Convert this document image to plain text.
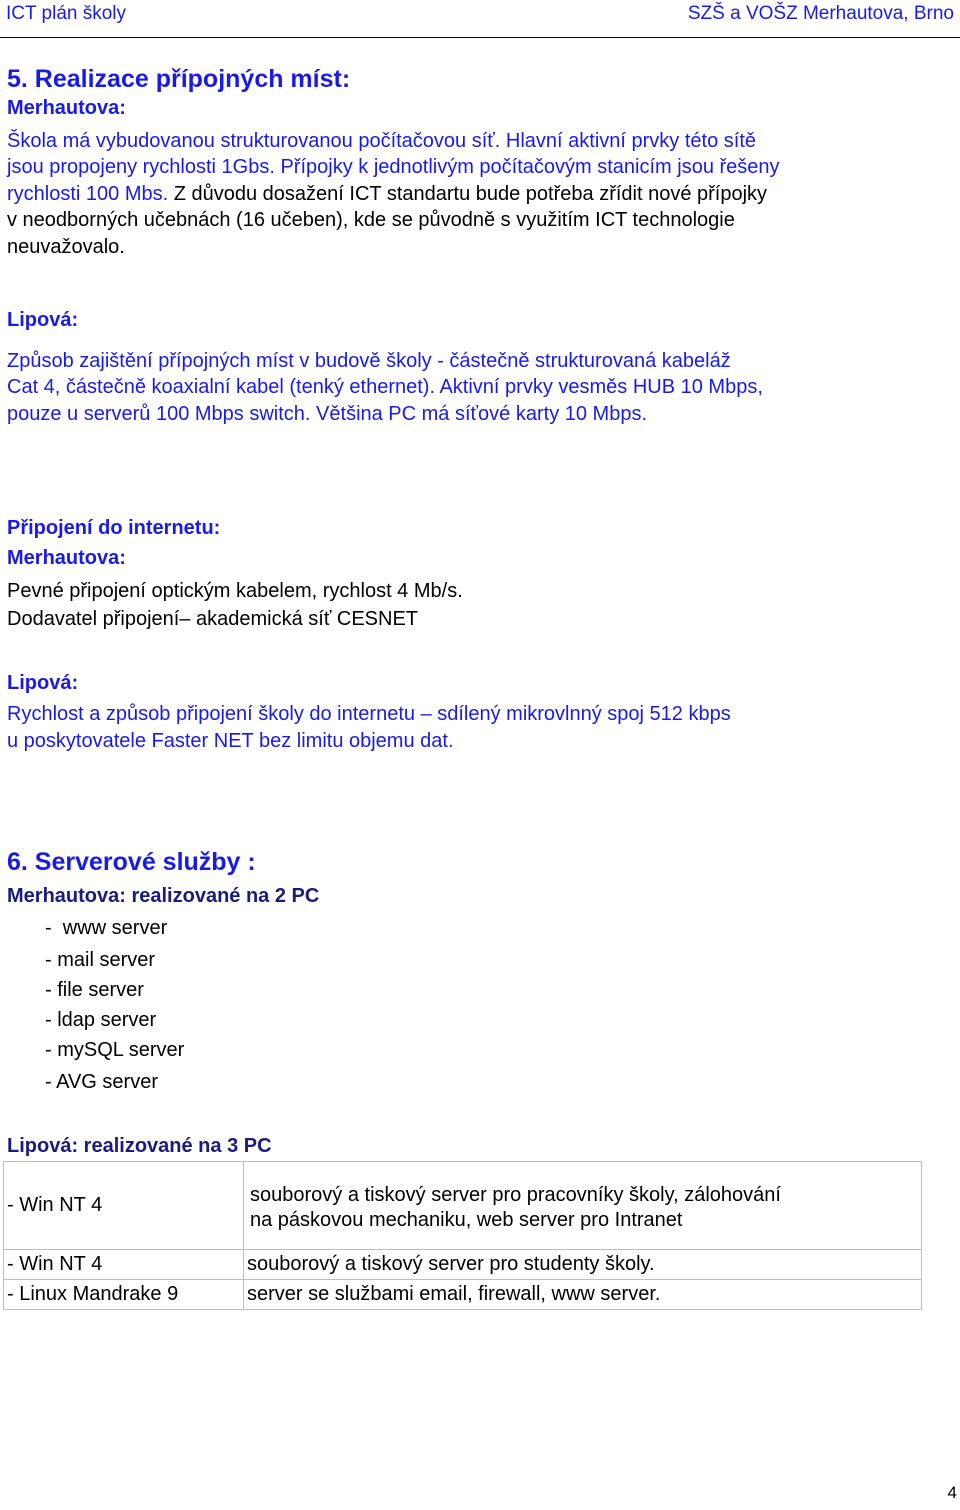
ICT plán školy	SZŠ a VOŠZ Merhautova, Brno
5. Realizace přípojných míst:
Merhautova:
Škola má vybudovanou strukturovanou počítačovou síť. Hlavní aktivní prvky této sítě
jsou propojeny rychlosti 1Gbs. Přípojky k jednotlivým počítačovým stanicím jsou řešeny
rychlosti 100 Mbs. Z důvodu dosažení ICT standartu bude potřeba zřídit nové přípojky
v neodborných učebnách (16 učeben), kde se původně s využitím ICT technologie
neuvažovalo.
Lipová:
Způsob zajištění přípojných míst v budově školy - částečně strukturovaná kabeláž
Cat 4, částečně koaxialní kabel (tenký ethernet). Aktivní prvky vesměs HUB 10 Mbps,
pouze u serverů 100 Mbps switch. Většina PC má síťové karty 10 Mbps.
Připojení do internetu:
Merhautova:
Pevné připojení optickým kabelem, rychlost 4 Mb/s.
Dodavatel připojení– akademická síť CESNET
Lipová:
Rychlost a způsob připojení školy do internetu – sdílený mikrovlnný spoj 512 kbps
u poskytovatele Faster NET bez limitu objemu dat.
6. Serverové služby :
Merhautova: realizované na 2 PC
-  www server
- mail server
- file server
- ldap server
- mySQL server
- AVG server
Lipová: realizované na 3 PC
- Win NT 4	souborový a tiskový server pro pracovníky školy, zálohování
na páskovou mechaniku, web server pro Intranet

- Win NT 4	souborový a tiskový server pro studenty školy.
- Linux Mandrake 9	server se službami email, firewall, www server.
4
